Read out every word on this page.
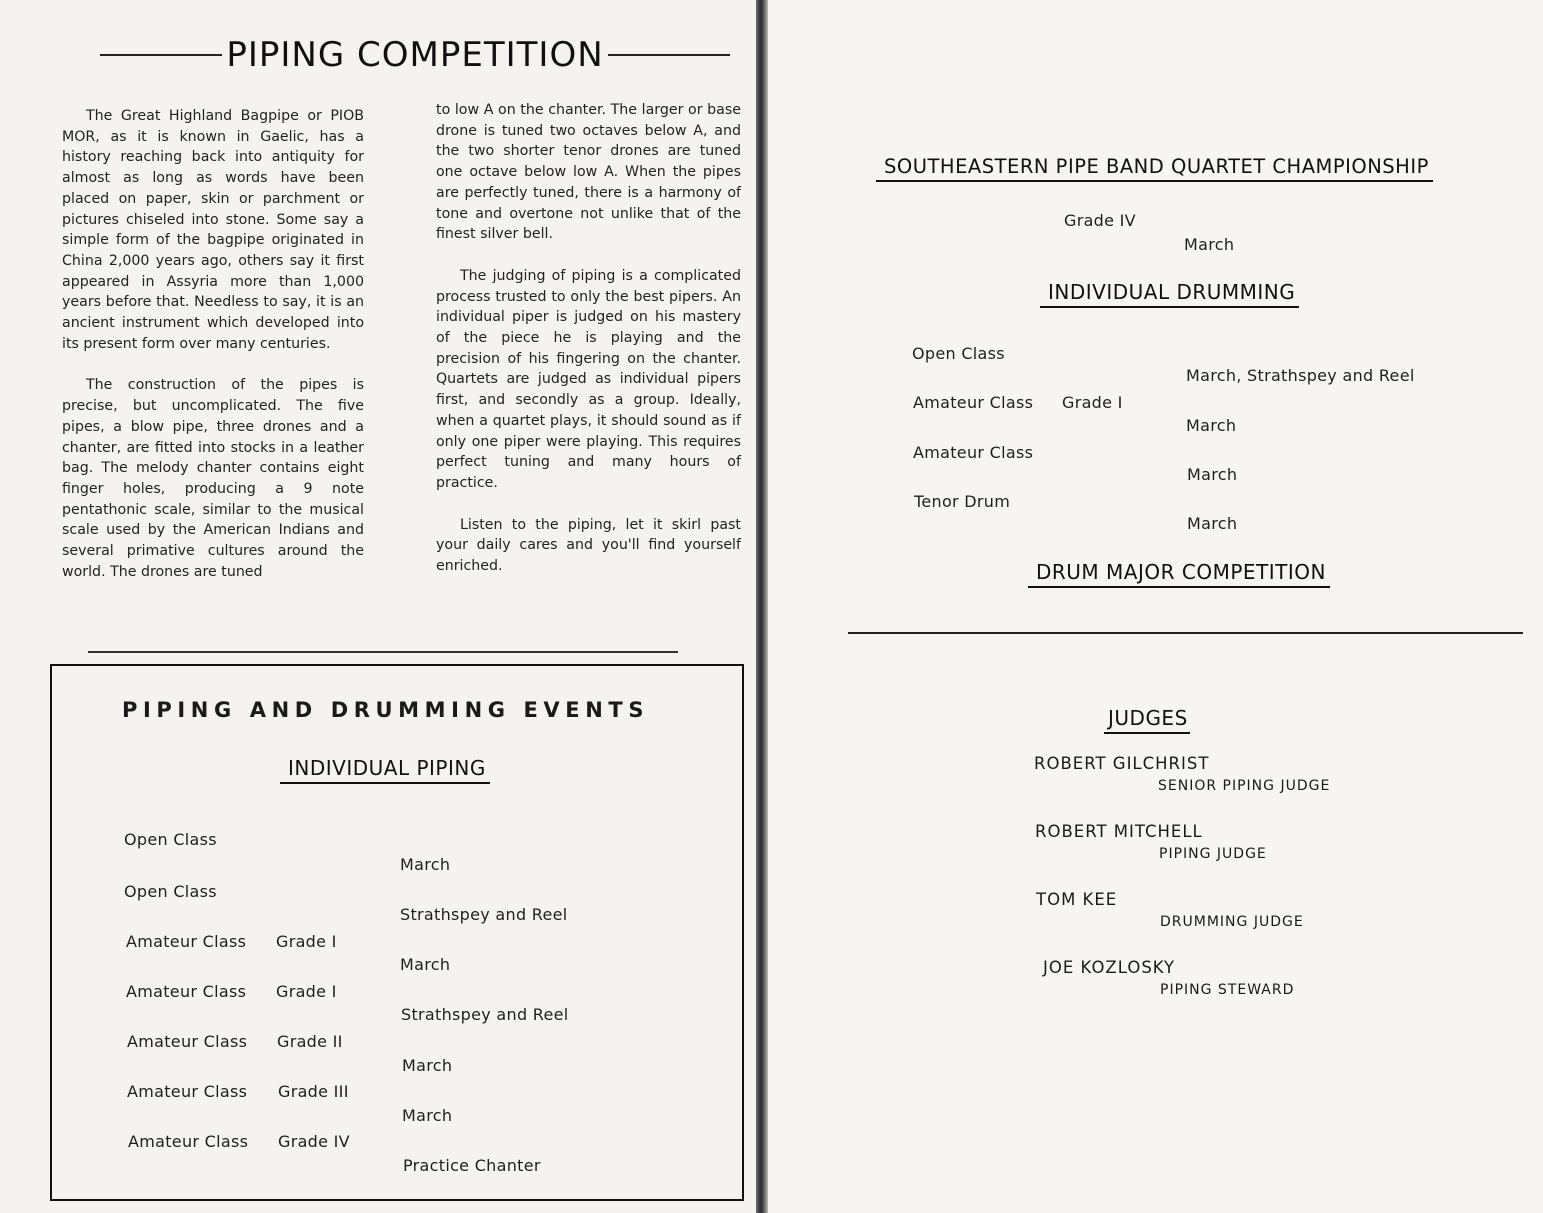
PIPING COMPETITION

The Great Highland Bagpipe or PIOB MOR, as it is known in Gaelic, has a history reaching back into antiquity for almost as long as words have been placed on paper, skin or parchment or pictures chiseled into stone. Some say a simple form of the bagpipe originated in China 2,000 years ago, others say it first appeared in Assyria more than 1,000 years before that. Needless to say, it is an ancient instrument which developed into its present form over many centuries.

The construction of the pipes is precise, but uncomplicated. The five pipes, a blow pipe, three drones and a chanter, are fitted into stocks in a leather bag. The melody chanter contains eight finger holes, producing a 9 note pentathonic scale, similar to the musical scale used by the American Indians and several primative cultures around the world. The drones are tuned

to low A on the chanter. The larger or base drone is tuned two octaves below A, and the two shorter tenor drones are tuned one octave below low A. When the pipes are perfectly tuned, there is a harmony of tone and overtone not unlike that of the finest silver bell.

The judging of piping is a complicated process trusted to only the best pipers. An individual piper is judged on his mastery of the piece he is playing and the precision of his fingering on the chanter. Quartets are judged as individual pipers first, and secondly as a group. Ideally, when a quartet plays, it should sound as if only one piper were playing. This requires perfect tuning and many hours of practice.

Listen to the piping, let it skirl past your daily cares and you'll find yourself enriched.

PIPING AND DRUMMING EVENTS
INDIVIDUAL PIPING
Open Class
March
Open Class
Strathspey and Reel
Amateur Class Grade I
March
Amateur Class Grade I
Strathspey and Reel
Amateur Class Grade II
March
Amateur Class Grade III
March
Amateur Class Grade IV
Practice Chanter
SOUTHEASTERN PIPE BAND QUARTET CHAMPIONSHIP
Grade IV
March
INDIVIDUAL DRUMMING
Open Class
March, Strathspey and Reel
Amateur Class Grade I
March
Amateur Class
March
Tenor Drum
March
DRUM MAJOR COMPETITION
JUDGES
ROBERT GILCHRIST
SENIOR PIPING JUDGE
ROBERT MITCHELL
PIPING JUDGE
TOM KEE
DRUMMING JUDGE
JOE KOZLOSKY
PIPING STEWARD
